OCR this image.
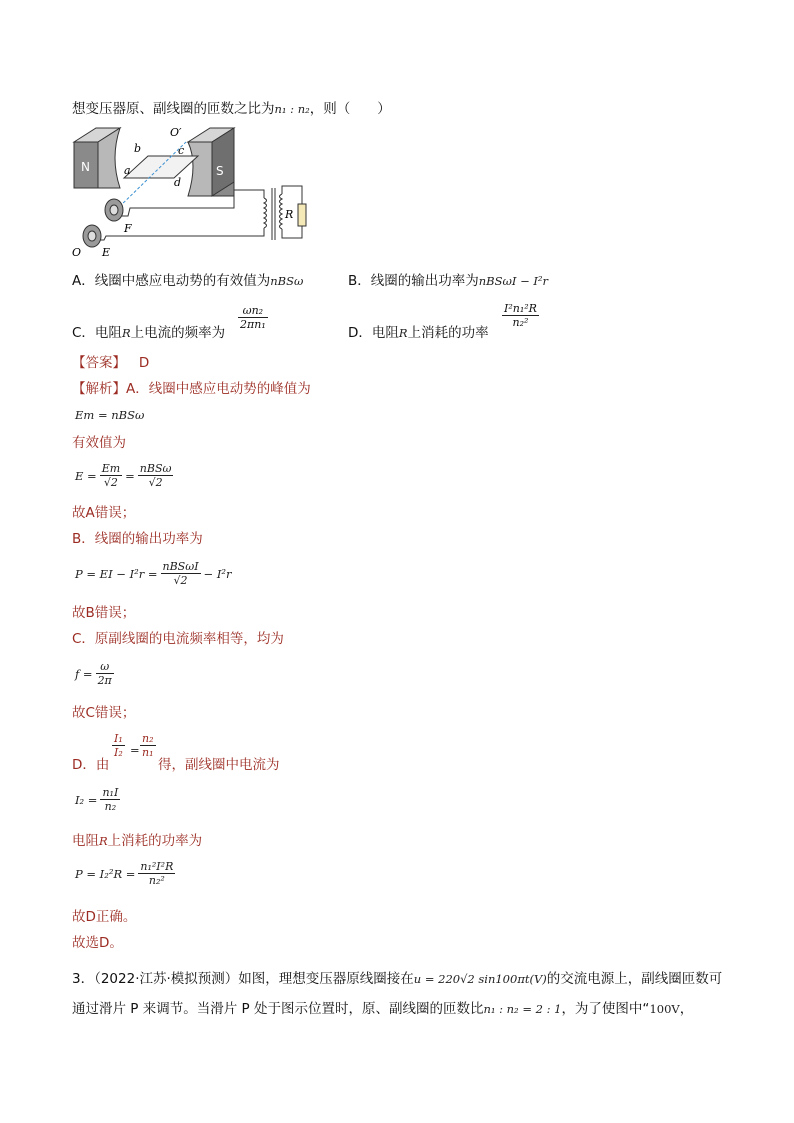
想变压器原、副线圈的匝数之比为n₁ : n₂，则（　　）
N	S
O′
b	c
a
d
F
E
O
R
A．线圈中感应电动势的有效值为nBSω	B．线圈的输出功率为nBSωI − I²r
C．电阻R上电流的频率为
$\frac{\text{ωn₂}}{\text{2πn₁}}$
D．电阻R上消耗的功率
$\frac{\text{I²n₁²R}}{\text{n₂²}}$
【答案】 D
【解析】A．线圈中感应电动势的峰值为
Em = nBSω
有效值为
$E = \frac{Em}{√2} = \frac{\text{nBSω}}{√2}$
故A错误；
B．线圈的输出功率为
P = EI − $I^2r = \frac{\text{nBSωI}}{√2} - I^2r$
故B错误；
C．原副线圈的电流频率相等，均为
$f = \frac{\omega}{2\pi}$
故C错误；
D．由
$\frac{\text{I₁}}{\text{I₂}} = \frac{\text{n₂}}{\text{n₁}}$
得，副线圈中电流为
$I_2 = \frac{\text{n₁I}}{\text{n₂}}$
电阻R上消耗的功率为
$P = I_2^2R = \frac{\text{n₁²I²R}}{\text{n₂²}}$
故D正确。
故选D。
3．（2022·江苏·模拟预测）如图，理想变压器原线圈接在u = 220√2 sin100πt(V)的交流电源上，副线圈匝数可
通过滑片 P 来调节。当滑片 P 处于图示位置时，原、副线圈的匝数比n₁ : n₂ = 2 : 1，为了使图中“100V，
